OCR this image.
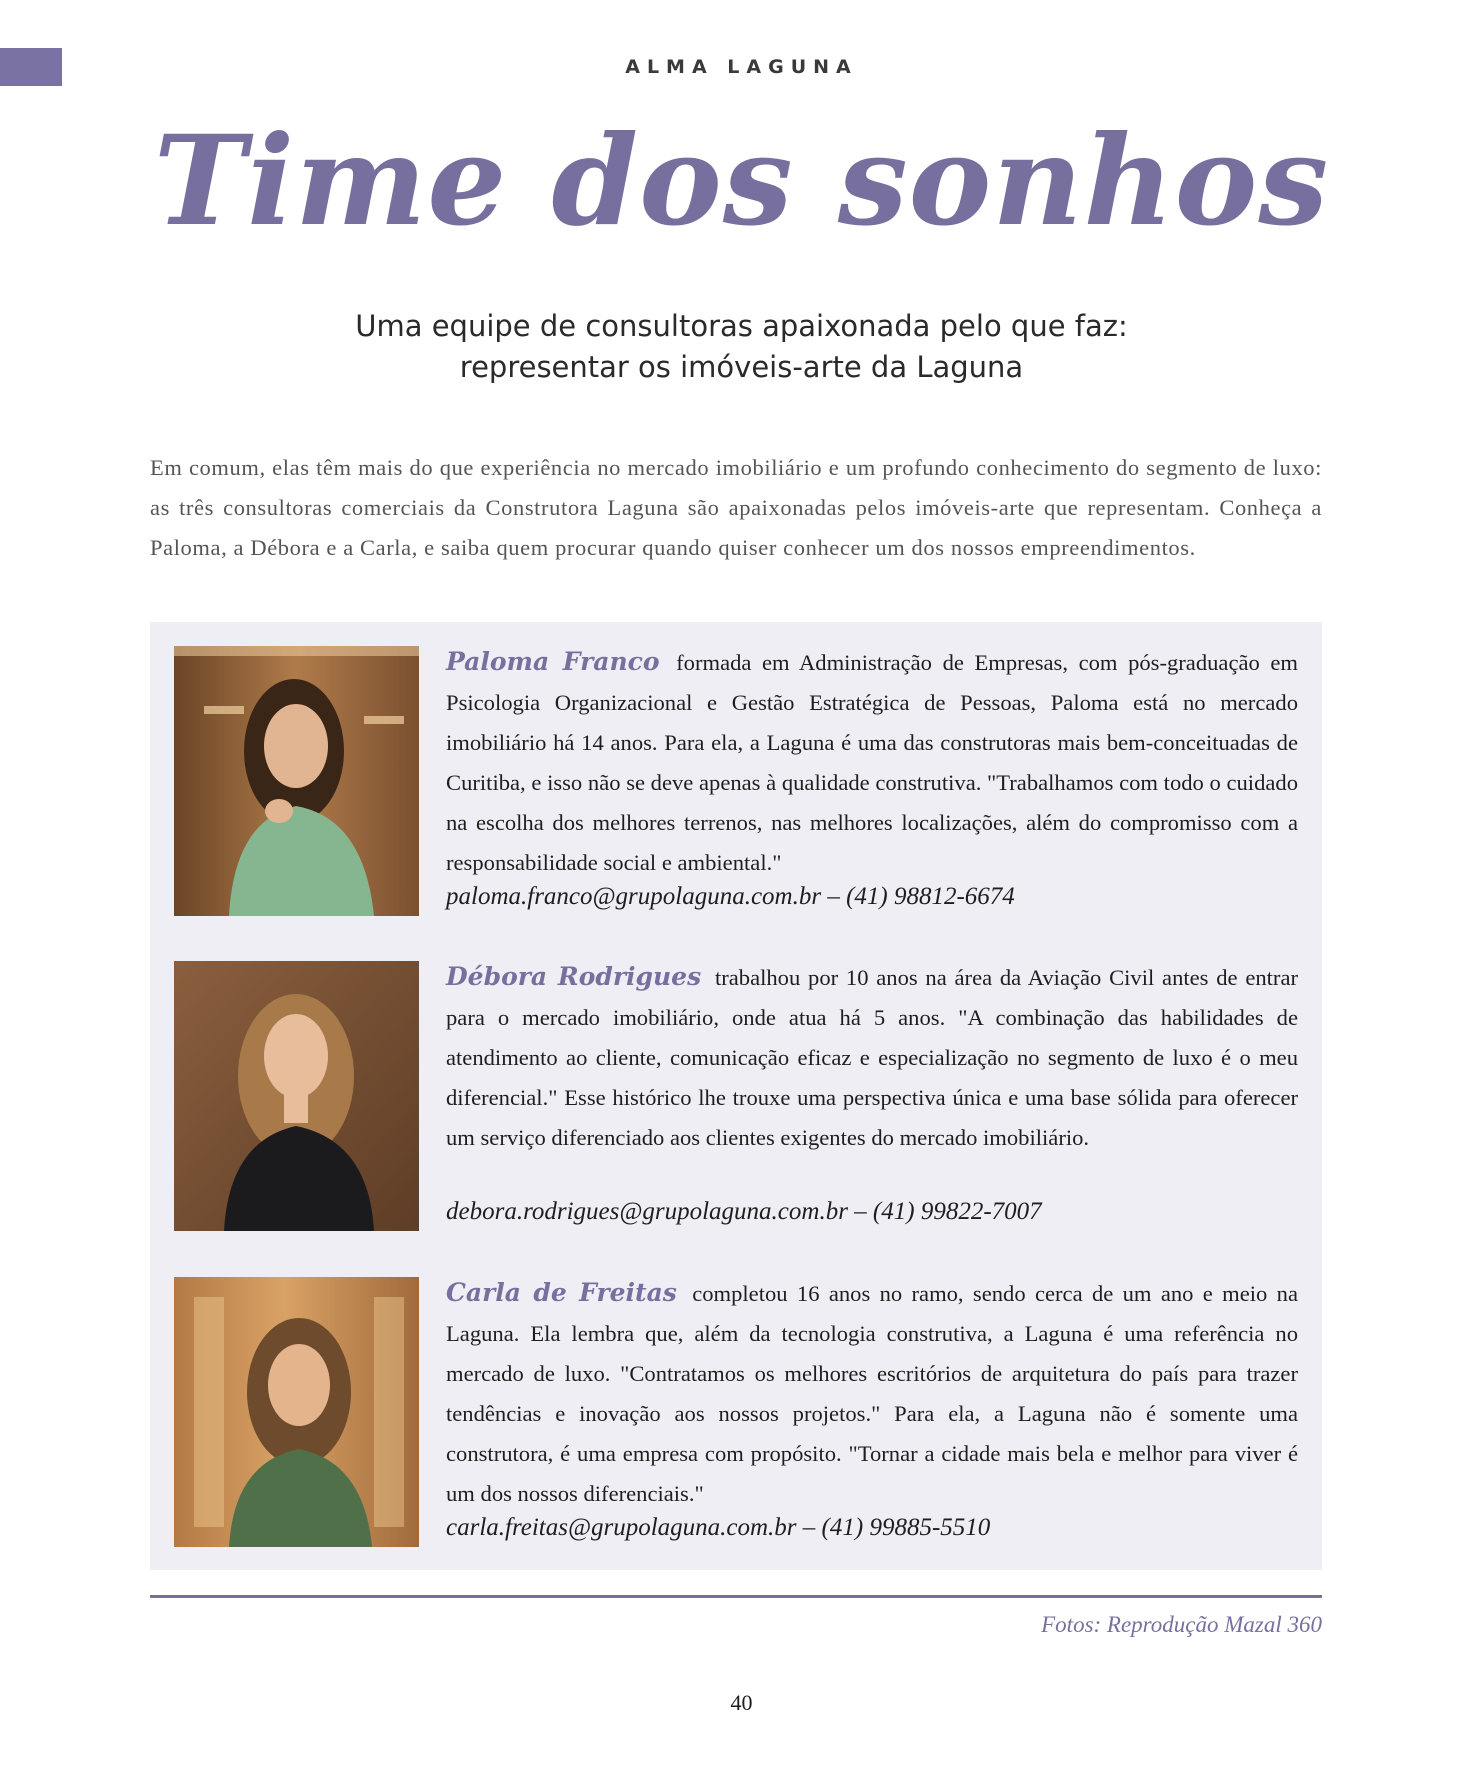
ALMA LAGUNA
Time dos sonhos
Uma equipe de consultoras apaixonada pelo que faz:
representar os imóveis-arte da Laguna

Em comum, elas têm mais do que experiência no mercado imobiliário e um profundo conhecimento do segmento de luxo: as três consultoras comerciais da Construtora Laguna são apaixonadas pelos imóveis-arte que representam. Conheça a Paloma, a Débora e a Carla, e saiba quem procurar quando quiser conhecer um dos nossos empreendimentos.

Paloma Franco formada em Administração de Empresas, com pós-graduação em Psicologia Organizacional e Gestão Estratégica de Pessoas, Paloma está no mercado imobiliário há 14 anos. Para ela, a Laguna é uma das construtoras mais bem-conceituadas de Curitiba, e isso não se deve apenas à qualidade construtiva. "Trabalhamos com todo o cuidado na escolha dos melhores terrenos, nas melhores localizações, além do compromisso com a responsabilidade social e ambiental."

paloma.franco@grupolaguna.com.br – (41) 98812-6674

Débora Rodrigues trabalhou por 10 anos na área da Aviação Civil antes de entrar para o mercado imobiliário, onde atua há 5 anos. "A combinação das habilidades de atendimento ao cliente, comunicação eficaz e especialização no segmento de luxo é o meu diferencial." Esse histórico lhe trouxe uma perspectiva única e uma base sólida para oferecer um serviço diferenciado aos clientes exigentes do mercado imobiliário.

debora.rodrigues@grupolaguna.com.br – (41) 99822-7007

Carla de Freitas completou 16 anos no ramo, sendo cerca de um ano e meio na Laguna. Ela lembra que, além da tecnologia construtiva, a Laguna é uma referência no mercado de luxo. "Contratamos os melhores escritórios de arquitetura do país para trazer tendências e inovação aos nossos projetos." Para ela, a Laguna não é somente uma construtora, é uma empresa com propósito. "Tornar a cidade mais bela e melhor para viver é um dos nossos diferenciais."

carla.freitas@grupolaguna.com.br – (41) 99885-5510
Fotos: Reprodução Mazal 360
40
